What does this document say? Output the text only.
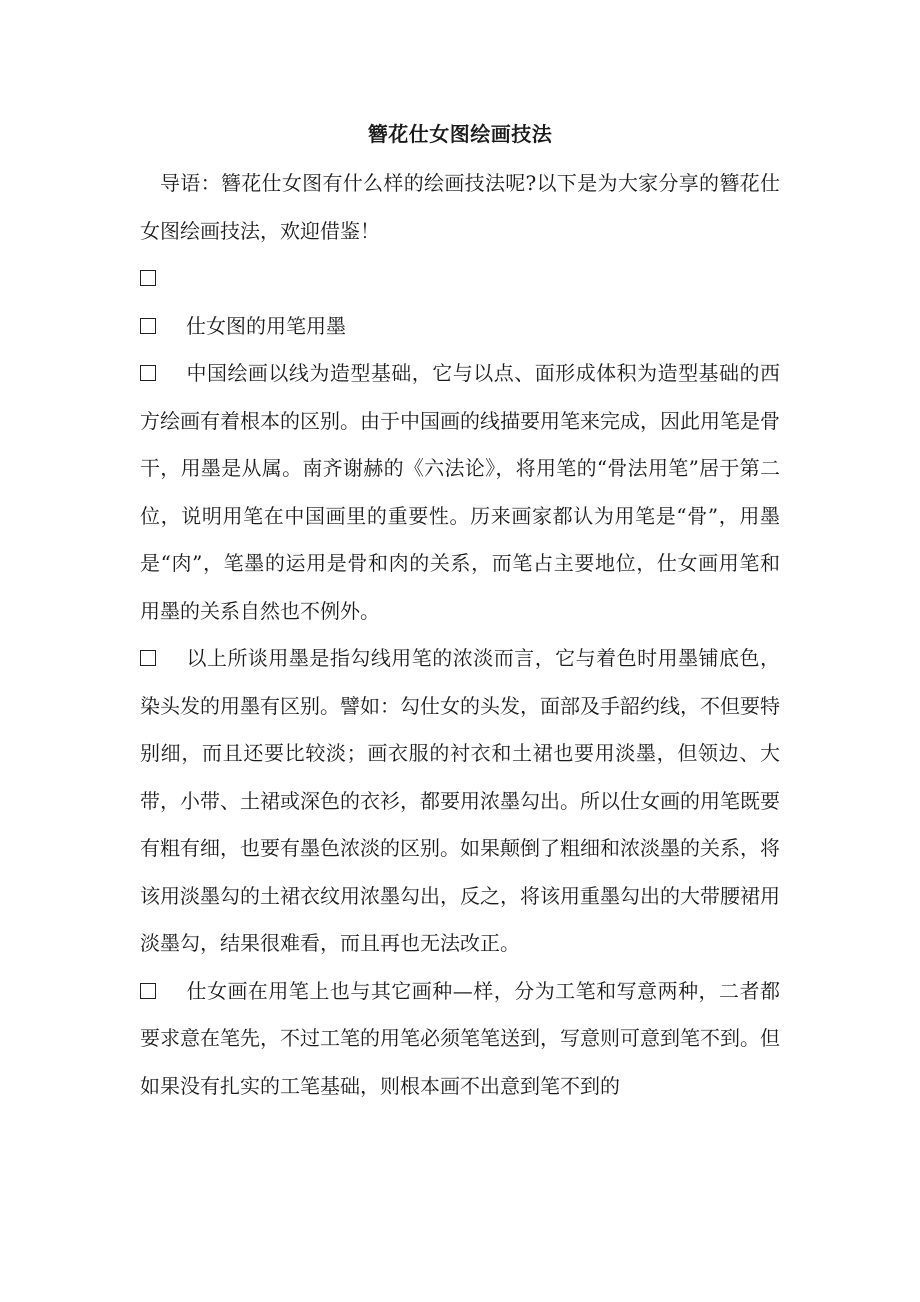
簪花仕女图绘画技法

导语：簪花仕女图有什么样的绘画技法呢?以下是为大家分享的簪花仕女图绘画技法，欢迎借鉴！

仕女图的用笔用墨

中国绘画以线为造型基础，它与以点、面形成体积为造型基础的西方绘画有着根本的区别。由于中国画的线描要用笔来完成，因此用笔是骨干，用墨是从属。南齐谢赫的《六法论》，将用笔的“骨法用笔”居于第二位，说明用笔在中国画里的重要性。历来画家都认为用笔是“骨”，用墨是“肉”，笔墨的运用是骨和肉的关系，而笔占主要地位，仕女画用笔和用墨的关系自然也不例外。

以上所谈用墨是指勾线用笔的浓淡而言，它与着色时用墨铺底色，染头发的用墨有区别。譬如：勾仕女的头发，面部及手韶约线，不但要特别细，而且还要比较淡；画衣服的衬衣和土裙也要用淡墨，但领边、大带，小带、土裙或深色的衣衫，都要用浓墨勾出。所以仕女画的用笔既要有粗有细，也要有墨色浓淡的区别。如果颠倒了粗细和浓淡墨的关系，将该用淡墨勾的土裙衣纹用浓墨勾出，反之，将该用重墨勾出的大带腰裙用淡墨勾，结果很难看，而且再也无法改正。

仕女画在用笔上也与其它画种—样，分为工笔和写意两种，二者都要求意在笔先，不过工笔的用笔必须笔笔送到，写意则可意到笔不到。但如果没有扎实的工笔基础，则根本画不出意到笔不到的
